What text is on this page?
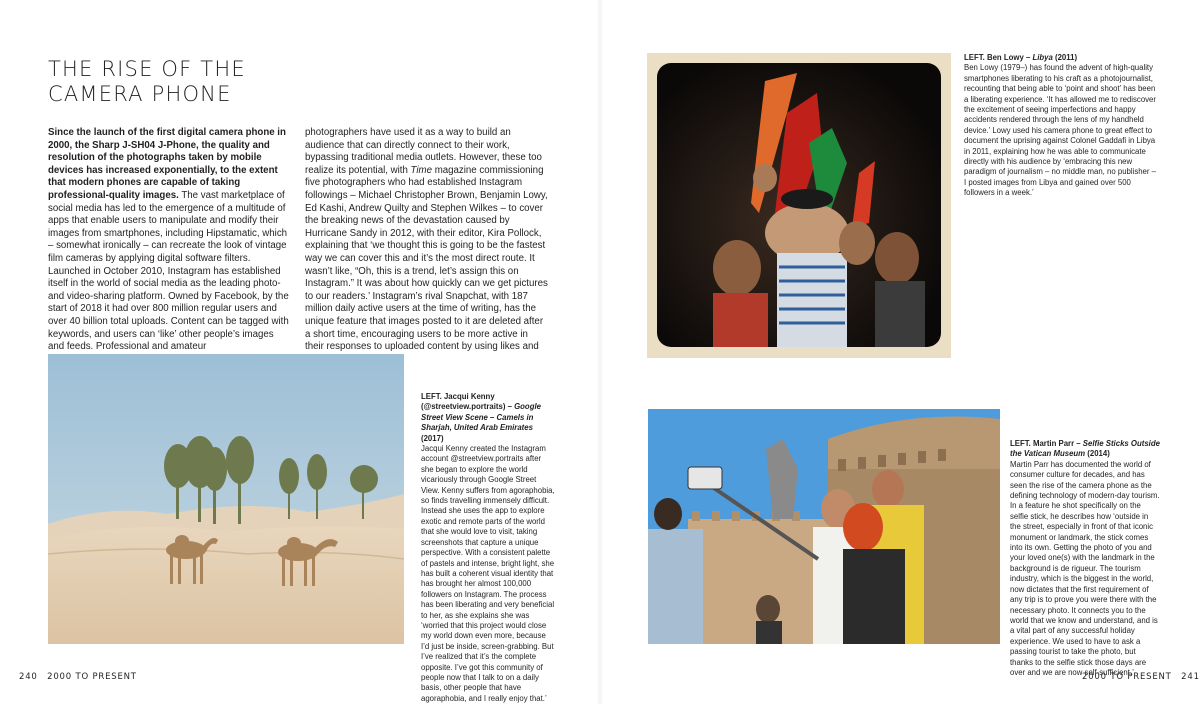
THE RISE OF THE
CAMERA PHONE
Since the launch of the first digital camera phone in 2000, the Sharp J-SH04 J-Phone, the quality and resolution of the photographs taken by mobile devices has increased exponentially, to the extent that modern phones are capable of taking professional-quality images. The vast marketplace of social media has led to the emergence of a multitude of apps that enable users to manipulate and modify their images from smartphones, including Hipstamatic, which – somewhat ironically – can recreate the look of vintage film cameras by applying digital software filters. Launched in October 2010, Instagram has established itself in the world of social media as the leading photo- and video-sharing platform. Owned by Facebook, by the start of 2018 it had over 800 million regular users and over 40 billion total uploads. Content can be tagged with keywords, and users can ‘like’ other people’s images and feeds. Professional and amateur
photographers have used it as a way to build an audience that can directly connect to their work, bypassing traditional media outlets. However, these too realize its potential, with Time magazine commissioning five photographers who had established Instagram followings – Michael Christopher Brown, Benjamin Lowy, Ed Kashi, Andrew Quilty and Stephen Wilkes – to cover the breaking news of the devastation caused by Hurricane Sandy in 2012, with their editor, Kira Pollock, explaining that ‘we thought this is going to be the fastest way we can cover this and it’s the most direct route. It wasn’t like, “Oh, this is a trend, let’s assign this on Instagram.” It was about how quickly can we get pictures to our readers.’ Instagram’s rival Snapchat, with 187 million daily active users at the time of writing, has the unique feature that images posted to it are deleted after a short time, encouraging users to be more active in their responses to uploaded content by using likes and
LEFT. Jacqui Kenny (@streetview.portraits) – Google Street View Scene – Camels in Sharjah, United Arab Emirates (2017)
Jacqui Kenny created the Instagram account @streetview.portraits after she began to explore the world vicariously through Google Street View. Kenny suffers from agoraphobia, so finds travelling immensely difficult. Instead she uses the app to explore exotic and remote parts of the world that she would love to visit, taking screenshots that capture a unique perspective. With a consistent palette of pastels and intense, bright light, she has built a coherent visual identity that has brought her almost 100,000 followers on Instagram. The process has been liberating and very beneficial to her, as she explains she was ‘worried that this project would close my world down even more, because I’d just be inside, screen-grabbing. But I’ve realized that it’s the complete opposite. I’ve got this community of people now that I talk to on a daily basis, other people that have agoraphobia, and I really enjoy that.’
240 2000 TO PRESENT
LEFT. Ben Lowy – Libya (2011)
Ben Lowy (1979–) has found the advent of high-quality smartphones liberating to his craft as a photojournalist, recounting that being able to ‘point and shoot’ has been a liberating experience. ‘It has allowed me to rediscover the excitement of seeing imperfections and happy accidents rendered through the lens of my handheld device.’ Lowy used his camera phone to great effect to document the uprising against Colonel Gaddafi in Libya in 2011, explaining how he was able to communicate directly with his audience by ‘embracing this new paradigm of journalism – no middle man, no publisher – I posted images from Libya and gained over 500 followers in a week.’
LEFT. Martin Parr – Selfie Sticks Outside the Vatican Museum (2014)
Martin Parr has documented the world of consumer culture for decades, and has seen the rise of the camera phone as the defining technology of modern-day tourism. In a feature he shot specifically on the selfie stick, he describes how ‘outside in the street, especially in front of that iconic monument or landmark, the stick comes into its own. Getting the photo of you and your loved one(s) with the landmark in the background is de rigueur. The tourism industry, which is the biggest in the world, now dictates that the first requirement of any trip is to prove you were there with the necessary photo. It connects you to the world that we know and understand, and is a vital part of any successful holiday experience. We used to have to ask a passing tourist to take the photo, but thanks to the selfie stick those days are over and we are now self-sufficient.’
2000 TO PRESENT 241
